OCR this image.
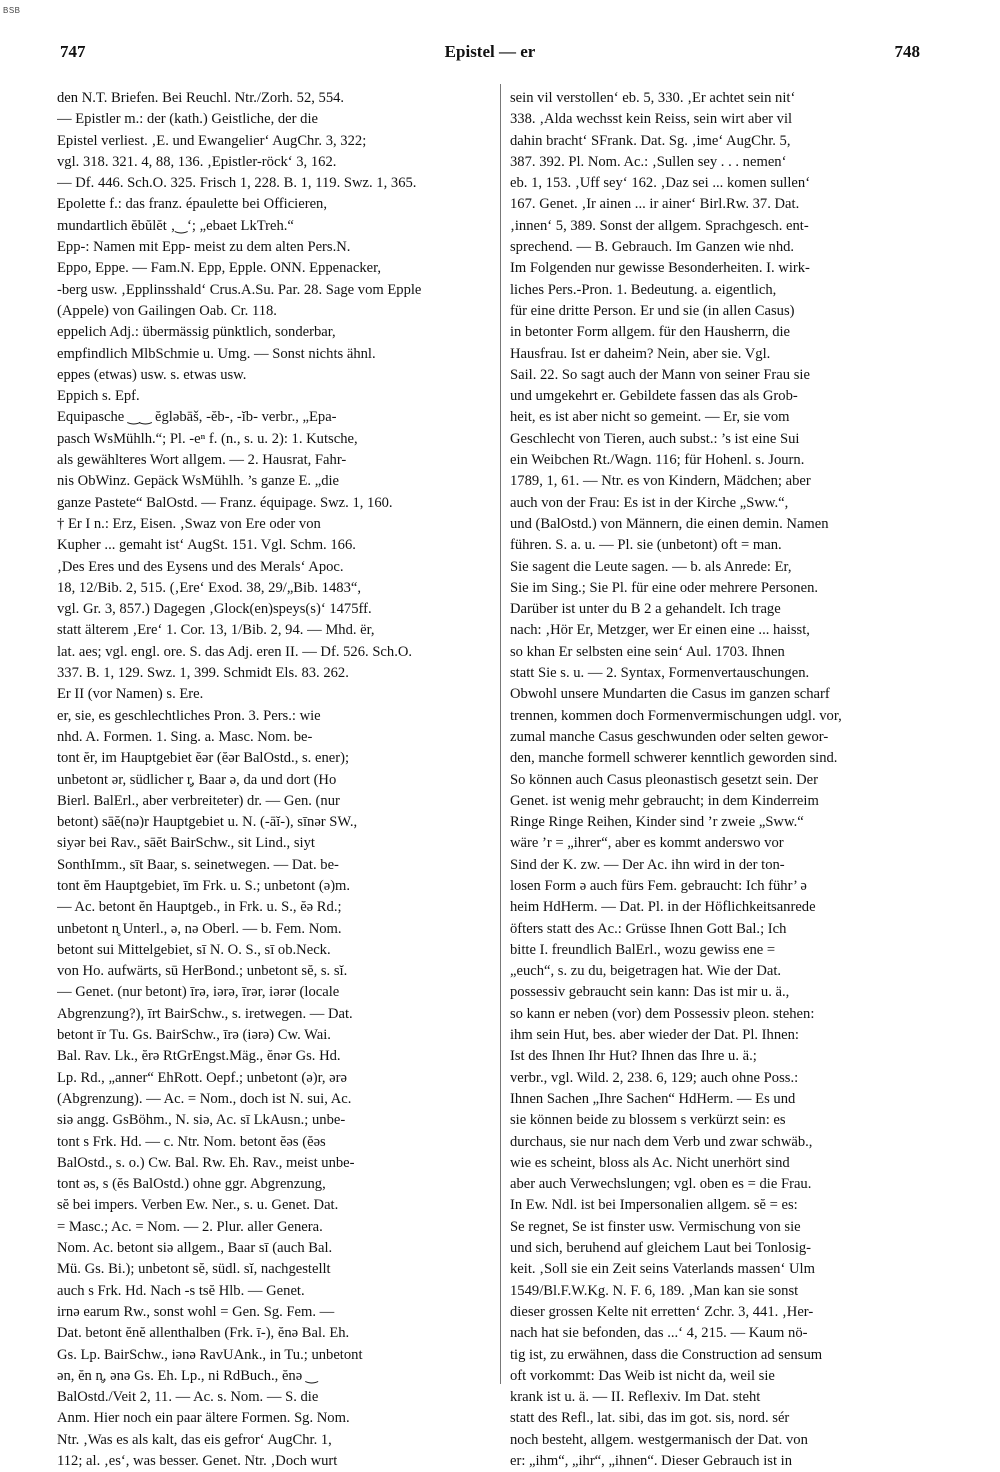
BSB
747	Epistel — er	748
den N.T. Briefen. Bei Reuchl. Ntr./Zorh. 52, 554.
— Epistler m.: der (kath.) Geistliche, der die
Epistel verliest. ‚E. und Ewangelier‘ AugChr. 3, 322;
vgl. 318. 321. 4, 88, 136. ‚Epistler-röck‘ 3, 162.
— Df. 446. Sch.O. 325. Frisch 1, 228. B. 1, 119. Swz. 1, 365.
Epolette f.: das franz. épaulette bei Officieren,
mundartlich ĕbŭlĕt ‚‿‘; „ebaet LkTreh.“
Epp-: Namen mit Epp- meist zu dem alten Pers.N.
Eppo, Eppe. — Fam.N. Epp, Epple. ONN. Eppenacker,
-berg usw. ‚Epplinsshald‘ Crus.A.Su. Par. 28. Sage vom Epple
(Appele) von Gailingen Oab. Cr. 118.
eppelich Adj.: übermässig pünktlich, sonderbar,
empfindlich MlbSchmie u. Umg. — Sonst nichts ähnl.
eppes (etwas) usw. s. etwas usw.
Eppich s. Epf.
Equipasche ‿‿ ĕglǝbāš, -ĕb-, -ĭb- verbr., „Epa-
pasch WsMühlh.“; Pl. -eⁿ f. (n., s. u. 2): 1. Kutsche,
als gewählteres Wort allgem. — 2. Hausrat, Fahr-
nis ObWinz. Gepäck WsMühlh. ’s ganze E. „die
ganze Pastete“ BalOstd. — Franz. équipage. Swz. 1, 160.
† Er I n.: Erz, Eisen. ‚Swaz von Ere oder von
Kupher ... gemaht ist‘ AugSt. 151. Vgl. Schm. 166.
‚Des Eres und des Eysens und des Merals‘ Apoc.
18, 12/Bib. 2, 515. (‚Ere‘ Exod. 38, 29/„Bib. 1483“,
vgl. Gr. 3, 857.) Dagegen ‚Glock(en)speys(s)‘ 1475ff.
statt älterem ‚Ere‘ 1. Cor. 13, 1/Bib. 2, 94. — Mhd. ër,
lat. aes; vgl. engl. ore. S. das Adj. eren II. — Df. 526. Sch.O.
337. B. 1, 129. Swz. 1, 399. Schmidt Els. 83. 262.
Er II (vor Namen) s. Ere.
er, sie, es geschlechtliches Pron. 3. Pers.: wie
nhd. A. Formen. 1. Sing. a. Masc. Nom. be-
tont ĕr, im Hauptgebiet ĕǝr (ĕǝr BalOstd., s. ener);
unbetont ǝr, südlicher r̥, Baar ǝ, da und dort (Ho
Bierl. BalErl., aber verbreiteter) dr. — Gen. (nur
betont) sāĕ(nǝ)r Hauptgebiet u. N. (-āĭ-), sīnǝr SW.,
siyǝr bei Rav., sāĕt BairSchw., sit Lind., siyt
SonthImm., sīt Baar, s. seinetwegen. — Dat. be-
tont ĕm Hauptgebiet, īm Frk. u. S.; unbetont (ǝ)m.
— Ac. betont ĕn Hauptgeb., in Frk. u. S., ĕǝ Rd.;
unbetont n̥ Unterl., ǝ, nǝ Oberl. — b. Fem. Nom.
betont sui Mittelgebiet, sī N. O. S., sī ob.Neck.
von Ho. aufwärts, sū HerBond.; unbetont sĕ, s. sĭ.
— Genet. (nur betont) īrǝ, iǝrǝ, īrǝr, iǝrǝr (locale
Abgrenzung?), īrt BairSchw., s. iretwegen. — Dat.
betont īr Tu. Gs. BairSchw., īrǝ (iǝrǝ) Cw. Wai.
Bal. Rav. Lk., ĕrǝ RtGrEngst.Mäg., ĕnǝr Gs. Hd.
Lp. Rd., „anner“ EhRott. Oepf.; unbetont (ǝ)r, ǝrǝ
(Abgrenzung). — Ac. = Nom., doch ist N. sui, Ac.
siǝ angg. GsBöhm., N. siǝ, Ac. sī LkAusn.; unbe-
tont s Frk. Hd. — c. Ntr. Nom. betont ĕǝs (ĕǝs
BalOstd., s. o.) Cw. Bal. Rw. Eh. Rav., meist unbe-
tont ǝs, s (ĕs BalOstd.) ohne ggr. Abgrenzung,
sĕ bei impers. Verben Ew. Ner., s. u. Genet. Dat.
= Masc.; Ac. = Nom. — 2. Plur. aller Genera.
Nom. Ac. betont siǝ allgem., Baar sī (auch Bal.
Mü. Gs. Bi.); unbetont sĕ, südl. sĭ, nachgestellt
auch s Frk. Hd. Nach -s tsĕ Hlb. — Genet.
irnǝ earum Rw., sonst wohl = Gen. Sg. Fem. —
Dat. betont ĕnĕ allenthalben (Frk. ī-), ĕnǝ Bal. Eh.
Gs. Lp. BairSchw., iǝnǝ RavUAnk., in Tu.; unbetont
ǝn, ĕn n̥, ǝnǝ Gs. Eh. Lp., ni RdBuch., ĕnǝ ‿
BalOstd./Veit 2, 11. — Ac. s. Nom. — S. die
Anm. Hier noch ein paar ältere Formen. Sg. Nom.
Ntr. ‚Was es als kalt, das eis gefror‘ AugChr. 1,
112; al. ‚es‘, was besser. Genet. Ntr. ‚Doch wurt
sein vil verstollen‘ eb. 5, 330. ‚Er achtet sein nit‘
338. ‚Alda wechsst kein Reiss, sein wirt aber vil
dahin bracht‘ SFrank. Dat. Sg. ‚ime‘ AugChr. 5,
387. 392. Pl. Nom. Ac.: ‚Sullen sey . . . nemen‘
eb. 1, 153. ‚Uff sey‘ 162. ‚Daz sei ... komen sullen‘
167. Genet. ‚Ir ainen ... ir ainer‘ Birl.Rw. 37. Dat.
‚innen‘ 5, 389. Sonst der allgem. Sprachgesch. ent-
sprechend. — B. Gebrauch. Im Ganzen wie nhd.
Im Folgenden nur gewisse Besonderheiten. I. wirk-
liches Pers.-Pron. 1. Bedeutung. a. eigentlich,
für eine dritte Person. Er und sie (in allen Casus)
in betonter Form allgem. für den Hausherrn, die
Hausfrau. Ist er daheim? Nein, aber sie. Vgl.
Sail. 22. So sagt auch der Mann von seiner Frau sie
und umgekehrt er. Gebildete fassen das als Grob-
heit, es ist aber nicht so gemeint. — Er, sie vom
Geschlecht von Tieren, auch subst.: ’s ist eine Sui
ein Weibchen Rt./Wagn. 116; für Hohenl. s. Journ.
1789, 1, 61. — Ntr. es von Kindern, Mädchen; aber
auch von der Frau: Es ist in der Kirche „Sww.“,
und (BalOstd.) von Männern, die einen demin. Namen
führen. S. a. u. — Pl. sie (unbetont) oft = man.
Sie sagent die Leute sagen. — b. als Anrede: Er,
Sie im Sing.; Sie Pl. für eine oder mehrere Personen.
Darüber ist unter du B 2 a gehandelt. Ich trage
nach: ‚Hör Er, Metzger, wer Er einen eine ... haisst,
so khan Er selbsten eine sein‘ Aul. 1703. Ihnen
statt Sie s. u. — 2. Syntax, Formenvertauschungen.
Obwohl unsere Mundarten die Casus im ganzen scharf
trennen, kommen doch Formenvermischungen udgl. vor,
zumal manche Casus geschwunden oder selten gewor-
den, manche formell schwerer kenntlich geworden sind.
So können auch Casus pleonastisch gesetzt sein. Der
Genet. ist wenig mehr gebraucht; in dem Kinderreim
Ringe Ringe Reihen, Kinder sind ’r zweie „Sww.“
wäre ’r = „ihrer“, aber es kommt anderswo vor
Sind der K. zw. — Der Ac. ihn wird in der ton-
losen Form ǝ auch fürs Fem. gebraucht: Ich führ’ ǝ
heim HdHerm. — Dat. Pl. in der Höflichkeitsanrede
öfters statt des Ac.: Grüsse Ihnen Gott Bal.; Ich
bitte I. freundlich BalErl., wozu gewiss ene =
„euch“, s. zu du, beigetragen hat. Wie der Dat.
possessiv gebraucht sein kann: Das ist mir u. ä.,
so kann er neben (vor) dem Possessiv pleon. stehen:
ihm sein Hut, bes. aber wieder der Dat. Pl. Ihnen:
Ist des Ihnen Ihr Hut? Ihnen das Ihre u. ä.;
verbr., vgl. Wild. 2, 238. 6, 129; auch ohne Poss.:
Ihnen Sachen „Ihre Sachen“ HdHerm. — Es und
sie können beide zu blossem s verkürzt sein: es
durchaus, sie nur nach dem Verb und zwar schwäb.,
wie es scheint, bloss als Ac. Nicht unerhört sind
aber auch Verwechslungen; vgl. oben es = die Frau.
In Ew. Ndl. ist bei Impersonalien allgem. sĕ = es:
Se regnet, Se ist finster usw. Vermischung von sie
und sich, beruhend auf gleichem Laut bei Tonlosig-
keit. ‚Soll sie ein Zeit seins Vaterlands massen‘ Ulm
1549/Bl.F.W.Kg. N. F. 6, 189. ‚Man kan sie sonst
dieser grossen Kelte nit erretten‘ Zchr. 3, 441. ‚Her-
nach hat sie befonden, das ...‘ 4, 215. — Kaum nö-
tig ist, zu erwähnen, dass die Construction ad sensum
oft vorkommt: Das Weib ist nicht da, weil sie
krank ist u. ä. — II. Reflexiv. Im Dat. steht
statt des Refl., lat. sibi, das im got. sis, nord. sér
noch besteht, allgem. westgermanisch der Dat. von
er: „ihm“, „ihr“, „ihnen“. Dieser Gebrauch ist in
